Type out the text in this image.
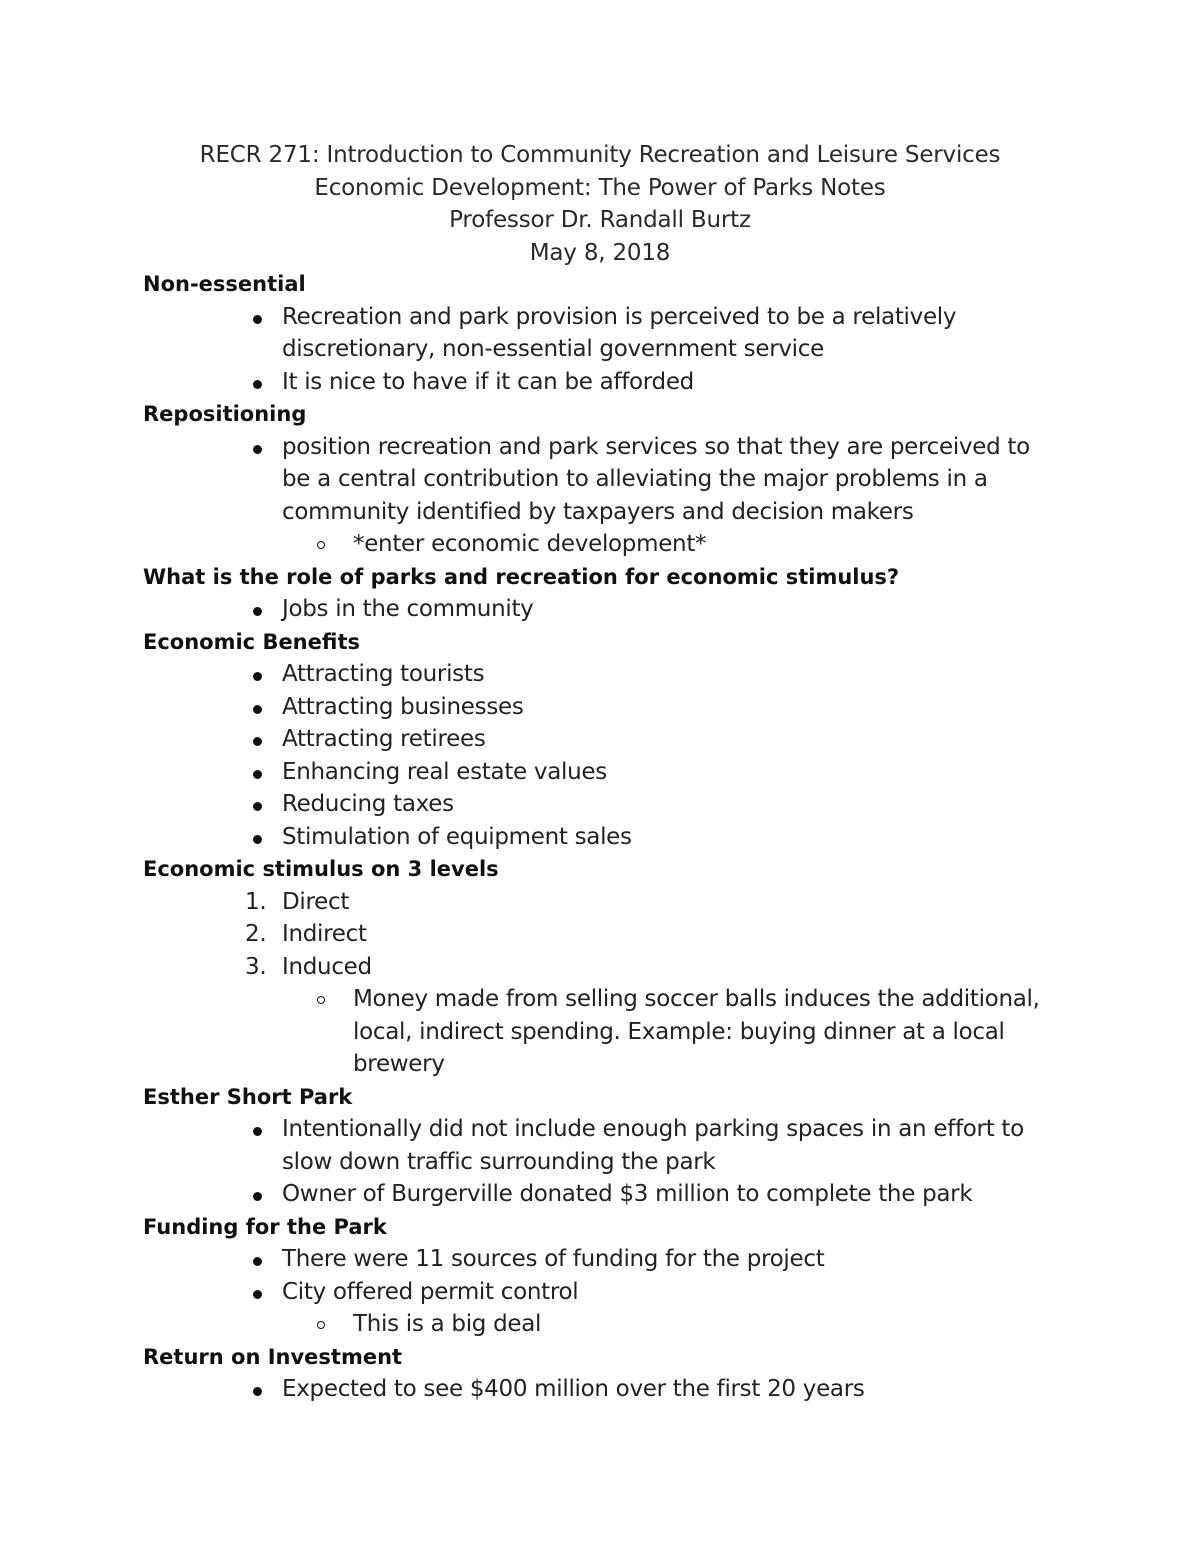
RECR 271: Introduction to Community Recreation and Leisure Services
Economic Development: The Power of Parks Notes
Professor Dr. Randall Burtz
May 8, 2018
Non-essential
Recreation and park provision is perceived to be a relatively
discretionary, non-essential government service
It is nice to have if it can be afforded
Repositioning
position recreation and park services so that they are perceived to
be a central contribution to alleviating the major problems in a
community identified by taxpayers and decision makers
*enter economic development*
What is the role of parks and recreation for economic stimulus?
Jobs in the community
Economic Benefits
Attracting tourists
Attracting businesses
Attracting retirees
Enhancing real estate values
Reducing taxes
Stimulation of equipment sales
Economic stimulus on 3 levels
1. Direct
2. Indirect
3. Induced
Money made from selling soccer balls induces the additional,
local, indirect spending. Example: buying dinner at a local
brewery
Esther Short Park
Intentionally did not include enough parking spaces in an effort to
slow down traffic surrounding the park
Owner of Burgerville donated $3 million to complete the park
Funding for the Park
There were 11 sources of funding for the project
City offered permit control
This is a big deal
Return on Investment
Expected to see $400 million over the first 20 years
